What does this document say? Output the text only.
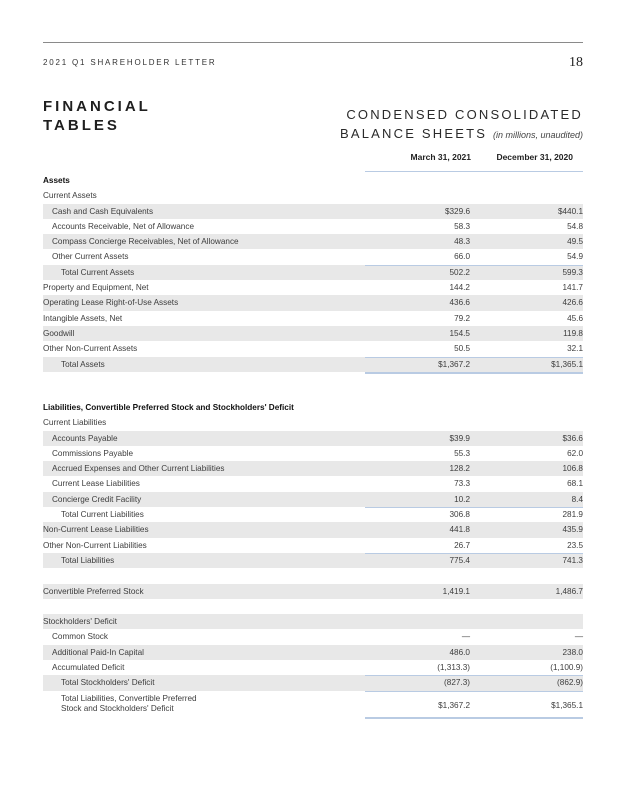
2021 Q1 SHAREHOLDER LETTER	18
FINANCIAL
TABLES
CONDENSED CONSOLIDATED
BALANCE SHEETS (in millions, unaudited)
March 31, 2021	December 31, 2020
Assets
Current Assets
Cash and Cash Equivalents	$329.6	$440.1
Accounts Receivable, Net of Allowance	58.3	54.8
Compass Concierge Receivables, Net of Allowance	48.3	49.5
Other Current Assets	66.0	54.9
Total Current Assets	502.2	599.3
Property and Equipment, Net	144.2	141.7
Operating Lease Right-of-Use Assets	436.6	426.6
Intangible Assets, Net	79.2	45.6
Goodwill	154.5	119.8
Other Non-Current Assets	50.5	32.1
Total Assets	$1,367.2	$1,365.1
Liabilities, Convertible Preferred Stock and Stockholders' Deficit
Current Liabilities
Accounts Payable	$39.9	$36.6
Commissions Payable	55.3	62.0
Accrued Expenses and Other Current Liabilities	128.2	106.8
Current Lease Liabilities	73.3	68.1
Concierge Credit Facility	10.2	8.4
Total Current Liabilities	306.8	281.9
Non-Current Lease Liabilities	441.8	435.9
Other Non-Current Liabilities	26.7	23.5
Total Liabilities	775.4	741.3
Convertible Preferred Stock	1,419.1	1,486.7
Stockholders' Deficit
Common Stock	—	—
Additional Paid-In Capital	486.0	238.0
Accumulated Deficit	(1,313.3)	(1,100.9)
Total Stockholders' Deficit	(827.3)	(862.9)
Total Liabilities, Convertible Preferred
Stock and Stockholders' Deficit	$1,367.2	$1,365.1
